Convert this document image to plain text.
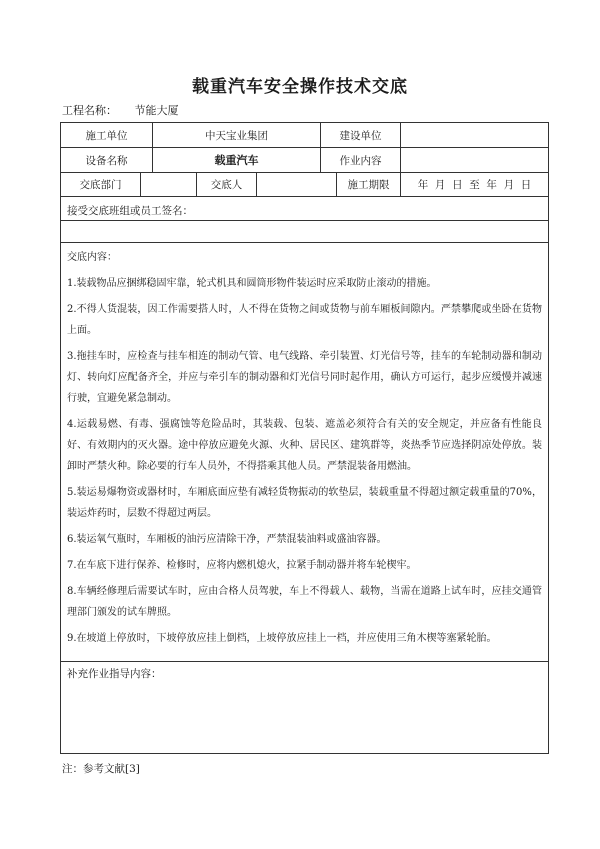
载重汽车安全操作技术交底
工程名称： 节能大厦
施工单位	中天宝业集团	建设单位
设备名称	载重汽车	作业内容
交底部门	交底人	施工期限	年  月  日  至  年  月  日
接受交底班组或员工签名：

交底内容：

1.装载物品应捆绑稳固牢靠，轮式机具和圆筒形物件装运时应采取防止滚动的措施。

2.不得人货混装，因工作需要搭人时，人不得在货物之间或货物与前车厢板间隙内。严禁攀爬或坐卧在货物上面。

3.拖挂车时，应检查与挂车相连的制动气管、电气线路、牵引装置、灯光信号等，挂车的车轮制动器和制动灯、转向灯应配备齐全，并应与牵引车的制动器和灯光信号同时起作用，确认方可运行，起步应缓慢并减速行驶，宜避免紧急制动。

4.运载易燃、有毒、强腐蚀等危险品时，其装载、包装、遮盖必须符合有关的安全规定，并应备有性能良好、有效期内的灭火器。途中停放应避免火源、火种、居民区、建筑群等，炎热季节应选择阴凉处停放。装卸时严禁火种。除必要的行车人员外，不得搭乘其他人员。严禁混装备用燃油。

5.装运易爆物资或器材时，车厢底面应垫有减轻货物振动的软垫层，装载重量不得超过额定载重量的70%，装运炸药时，层数不得超过两层。

6.装运氧气瓶时，车厢板的油污应清除干净，严禁混装油料或盛油容器。

7.在车底下进行保养、检修时，应将内燃机熄火，拉紧手制动器并将车轮楔牢。

8.车辆经修理后需要试车时，应由合格人员驾驶，车上不得载人、载物，当需在道路上试车时，应挂交通管理部门颁发的试车牌照。

9.在坡道上停放时，下坡停放应挂上倒档，上坡停放应挂上一档，并应使用三角木楔等塞紧轮胎。

补充作业指导内容：
注：参考文献[3]
